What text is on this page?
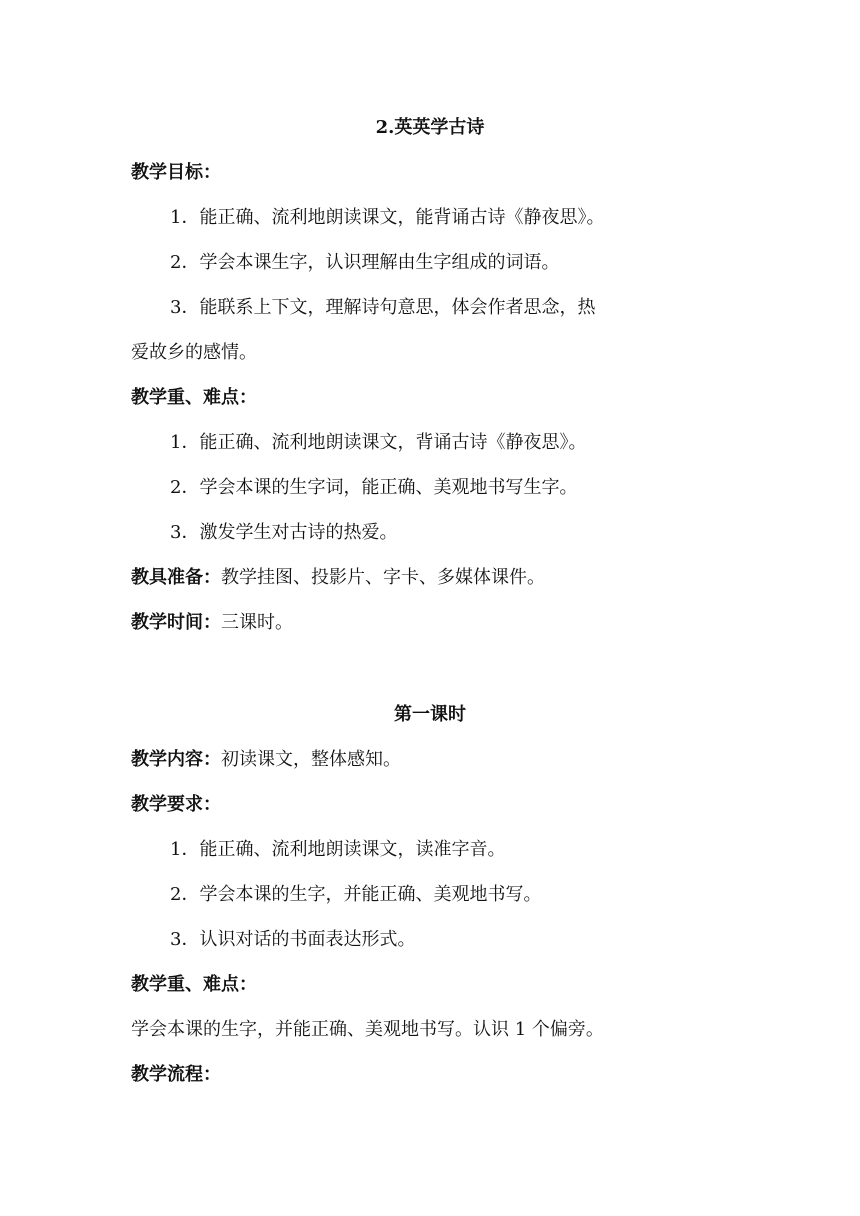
2.英英学古诗
教学目标：
1．能正确、流利地朗读课文，能背诵古诗《静夜思》。
2．学会本课生字，认识理解由生字组成的词语。
3．能联系上下文，理解诗句意思，体会作者思念，热
爱故乡的感情。
教学重、难点：
1．能正确、流利地朗读课文，背诵古诗《静夜思》。
2．学会本课的生字词，能正确、美观地书写生字。
3．激发学生对古诗的热爱。
教具准备：教学挂图、投影片、字卡、多媒体课件。
教学时间：三课时。
第一课时
教学内容：初读课文，整体感知。
教学要求：
1．能正确、流利地朗读课文，读准字音。
2．学会本课的生字，并能正确、美观地书写。
3．认识对话的书面表达形式。
教学重、难点：
学会本课的生字，并能正确、美观地书写。认识 1 个偏旁。
教学流程：
